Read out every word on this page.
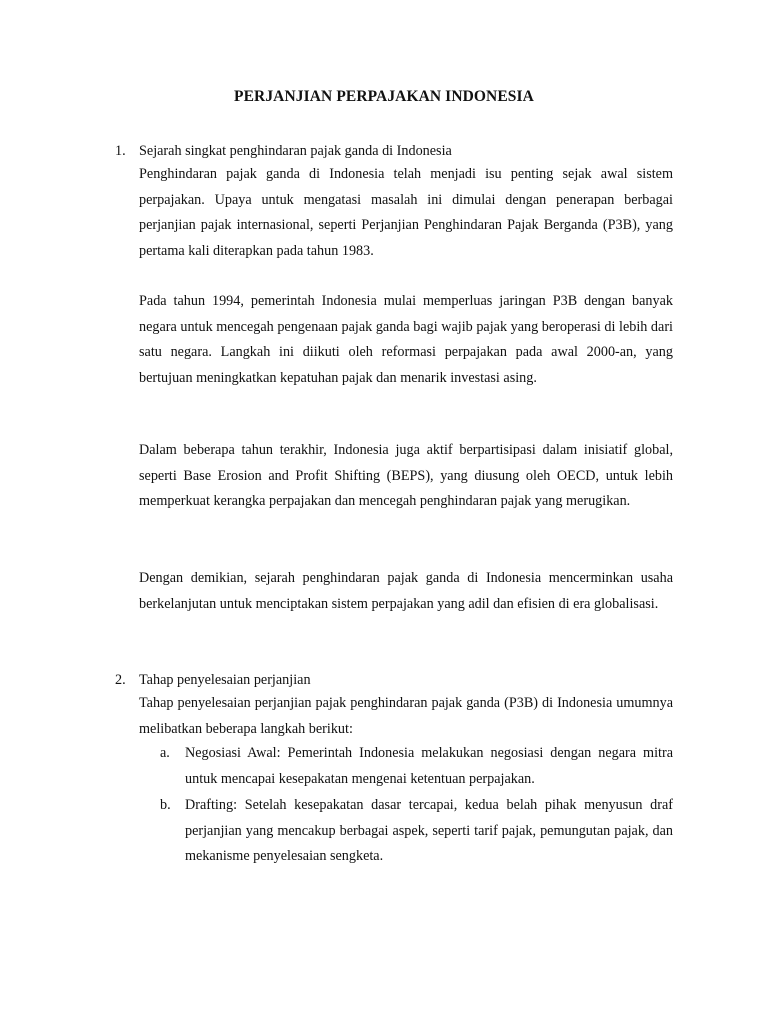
PERJANJIAN PERPAJAKAN INDONESIA
1. Sejarah singkat penghindaran pajak ganda di Indonesia

Penghindaran pajak ganda di Indonesia telah menjadi isu penting sejak awal sistem perpajakan. Upaya untuk mengatasi masalah ini dimulai dengan penerapan berbagai perjanjian pajak internasional, seperti Perjanjian Penghindaran Pajak Berganda (P3B), yang pertama kali diterapkan pada tahun 1983.

Pada tahun 1994, pemerintah Indonesia mulai memperluas jaringan P3B dengan banyak negara untuk mencegah pengenaan pajak ganda bagi wajib pajak yang beroperasi di lebih dari satu negara. Langkah ini diikuti oleh reformasi perpajakan pada awal 2000-an, yang bertujuan meningkatkan kepatuhan pajak dan menarik investasi asing.

Dalam beberapa tahun terakhir, Indonesia juga aktif berpartisipasi dalam inisiatif global, seperti Base Erosion and Profit Shifting (BEPS), yang diusung oleh OECD, untuk lebih memperkuat kerangka perpajakan dan mencegah penghindaran pajak yang merugikan.

Dengan demikian, sejarah penghindaran pajak ganda di Indonesia mencerminkan usaha berkelanjutan untuk menciptakan sistem perpajakan yang adil dan efisien di era globalisasi.

2. Tahap penyelesaian perjanjian

Tahap penyelesaian perjanjian pajak penghindaran pajak ganda (P3B) di Indonesia umumnya melibatkan beberapa langkah berikut:

a.	Negosiasi Awal: Pemerintah Indonesia melakukan negosiasi dengan negara mitra untuk mencapai kesepakatan mengenai ketentuan perpajakan.
b.	Drafting: Setelah kesepakatan dasar tercapai, kedua belah pihak menyusun draf perjanjian yang mencakup berbagai aspek, seperti tarif pajak, pemungutan pajak, dan mekanisme penyelesaian sengketa.
